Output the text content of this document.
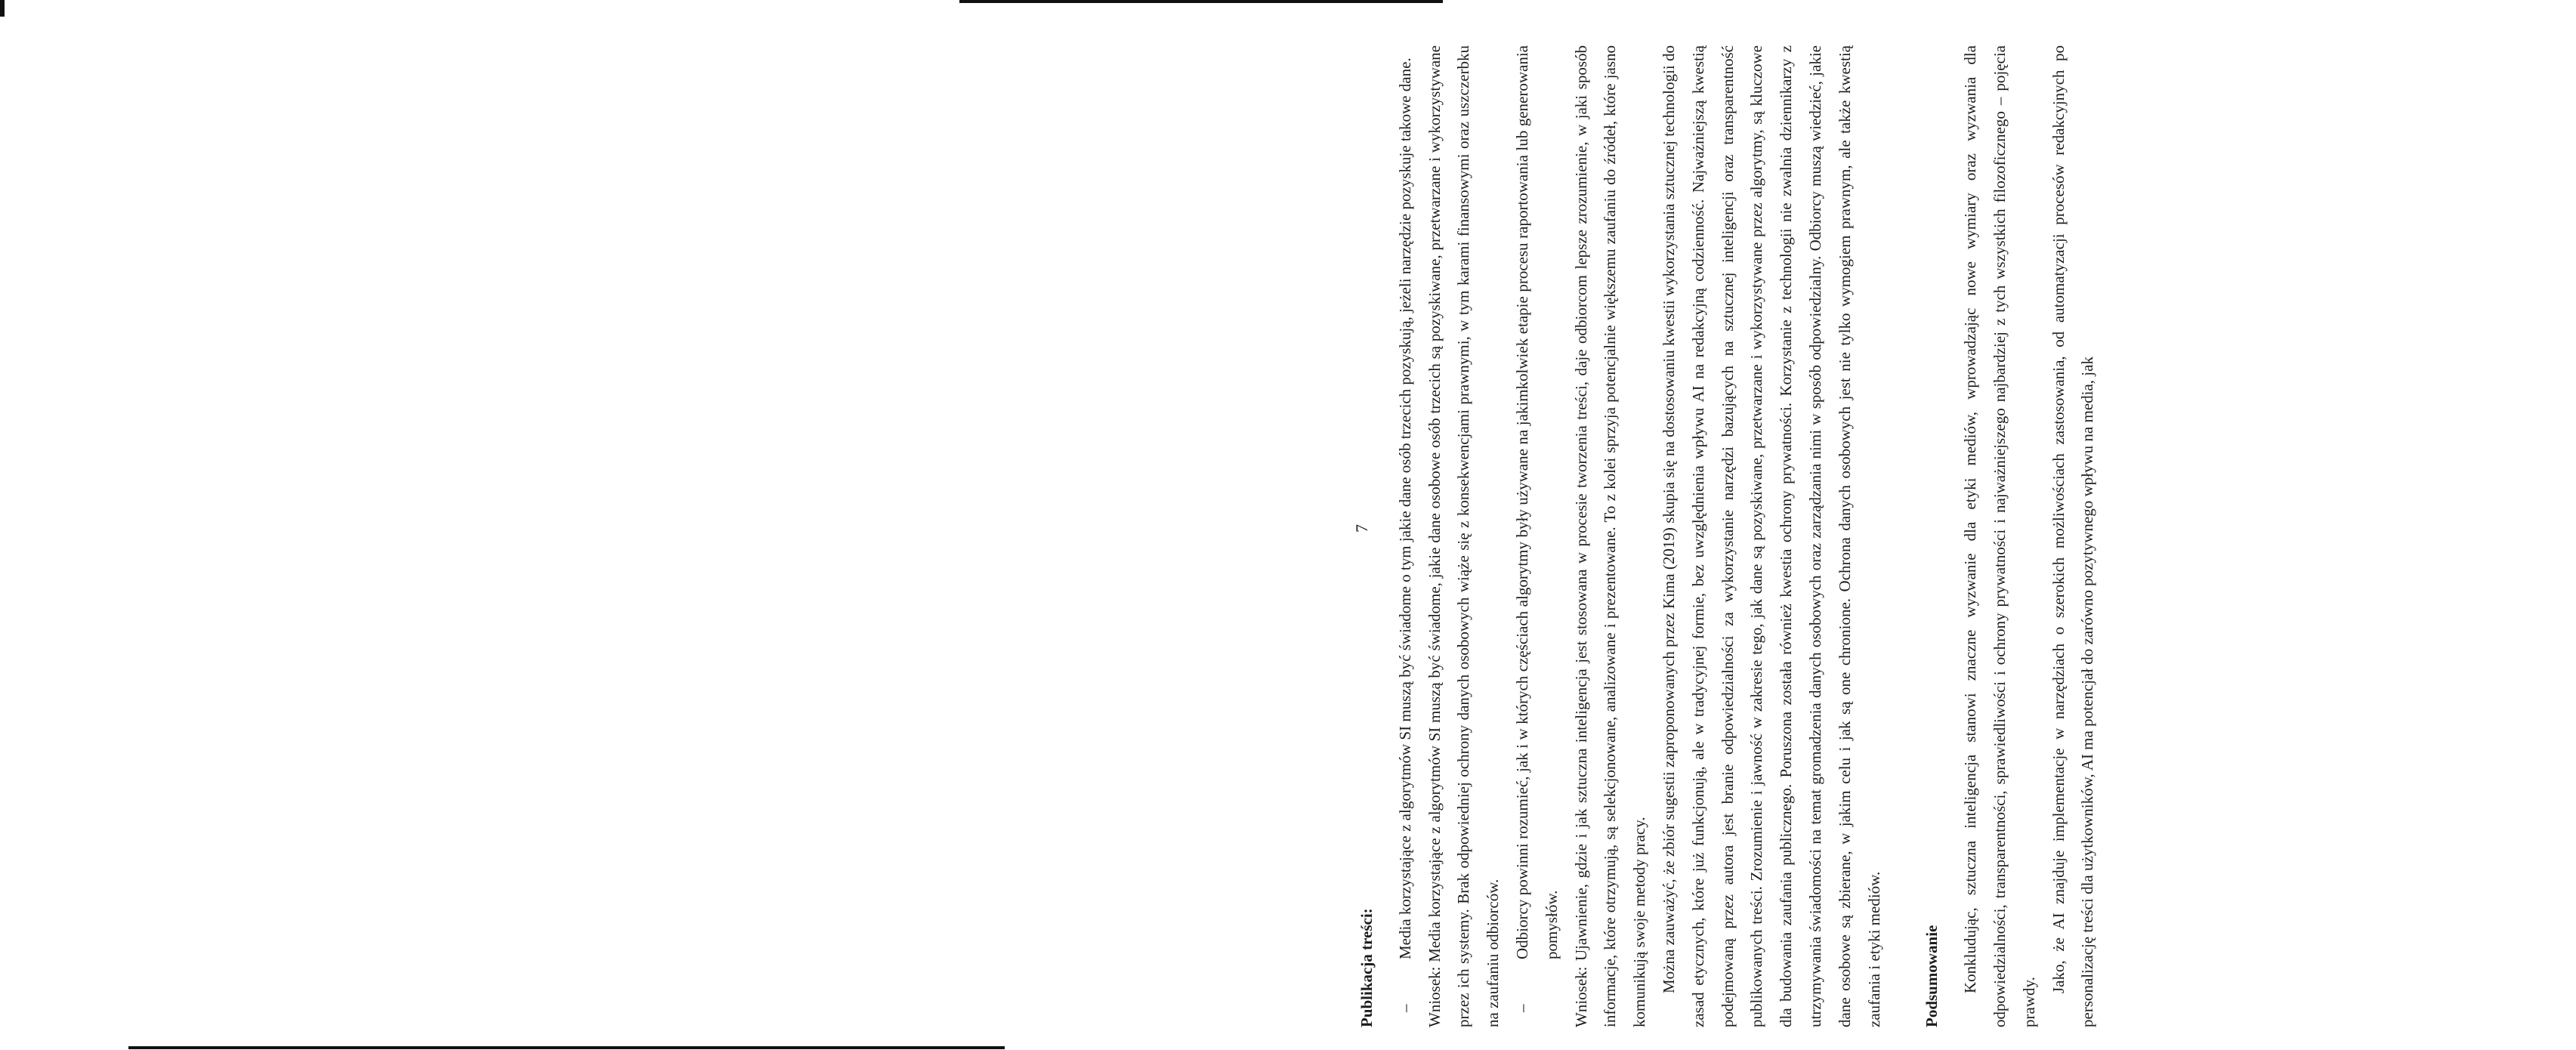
Publikacja treści:	–
Media korzystające z algorytmów SI muszą być świadome o tym jakie dane osób trzecich pozyskują, jeżeli narzędzie pozyskuje takowe dane. Wniosek: Media korzystające z algorytmów SI muszą być świadome, jakie dane osobowe osób trzecich są pozyskiwane, przetwarzane i wykorzystywane przez ich systemy. Brak odpowiedniej ochrony danych osobowych wiąże się z konsekwencjami prawnymi, w tym karami finansowymi oraz uszczerbku na zaufaniu odbiorców. –
Odbiorcy powinni rozumieć, jak i w których częściach algorytmy były używane na jakimkolwiek etapie procesu raportowania lub generowania pomysłów. Wniosek: Ujawnienie, gdzie i jak sztuczna inteligencja jest stosowana w procesie tworzenia treści, daje odbiorcom lepsze zrozumienie, w jaki sposób informacje, które otrzymują, są selekcjonowane, analizowane i prezentowane. To z kolei sprzyja potencjalnie większemu zaufaniu do źródeł, które jasno komunikują swoje metody pracy. Można zauważyć, że zbiór sugestii zaproponowanych przez Kima (2019) skupia się na dostosowaniu kwestii wykorzystania sztucznej technologii do zasad etycznych, które już funkcjonują, ale w tradycyjnej formie, bez uwzględnienia wpływu AI na redakcyjną codzienność. Najważniejszą kwestią podejmowaną przez autora jest branie odpowiedzialności za wykorzystanie narzędzi bazujących na sztucznej inteligencji oraz transparentność publikowanych treści. Zrozumienie i jawność w zakresie tego, jak dane są pozyskiwane, przetwarzane i wykorzystywane przez algorytmy, są kluczowe dla budowania zaufania publicznego. Poruszona została również kwestia ochrony prywatności. Korzystanie z technologii nie zwalnia dziennikarzy z utrzymywania świadomości na temat gromadzenia danych osobowych oraz zarządzania nimi w sposób odpowiedzialny. Odbiorcy muszą wiedzieć, jakie dane osobowe są zbierane, w jakim celu i jak są one chronione. Ochrona danych osobowych jest nie tylko wymogiem prawnym, ale także kwestią zaufania i etyki mediów.	Podsumowanie	Konkludując, sztuczna inteligencja stanowi znaczne wyzwanie dla etyki mediów, wprowadzając nowe wymiary oraz wyzwania dla odpowiedzialności, transparentności, sprawiedliwości i ochrony prywatności i najważniejszego najbardziej z tych wszystkich filozoficznego – pojęcia prawdy.

Jako, że AI znajduje implementacje w narzędziach o szerokich możliwościach zastosowania, od automatyzacji procesów redakcyjnych po personalizację treści dla użytkowników, AI ma potencjał do zarówno pozytywnego wpływu na media, jak

7
